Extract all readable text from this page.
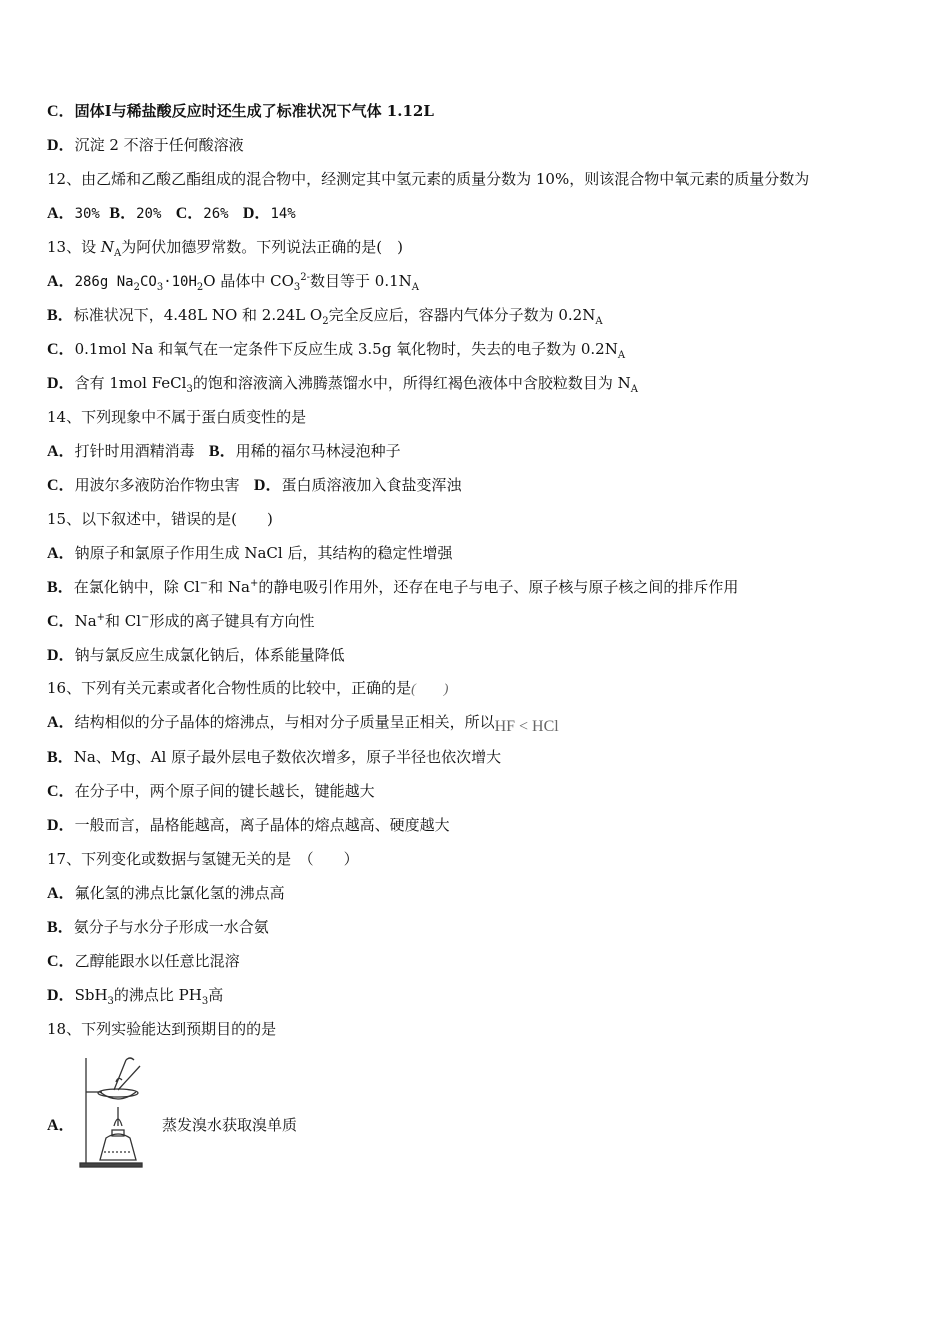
C．固体Ⅰ与稀盐酸反应时还生成了标准状况下气体 1.12L
D．沉淀 2 不溶于任何酸溶液
12、由乙烯和乙酸乙酯组成的混合物中，经测定其中氢元素的质量分数为 10%，则该混合物中氧元素的质量分数为
A．30% B．20% C．26% D．14%
13、设 $N_A$为阿伏加德罗常数。下列说法正确的是(　)
A．286g $Na_2CO_3\cdot 10H_2O$ 晶体中 $CO_3^{2-}$数目等于 $0.1N_A$
B．标准状况下，4.48L NO 和 2.24L $O_2$完全反应后，容器内气体分子数为 $0.2N_A$
C．0.1mol Na 和氧气在一定条件下反应生成 3.5g 氧化物时，失去的电子数为 $0.2N_A$
D．含有 1mol FeCl$_3$的饱和溶液滴入沸腾蒸馏水中，所得红褐色液体中含胶粒数目为 $N_A$
14、下列现象中不属于蛋白质变性的是
A．打针时用酒精消毒 B．用稀的福尔马林浸泡种子
C．用波尔多液防治作物虫害 D．蛋白质溶液加入食盐变浑浊
15、以下叙述中，错误的是(　　)
A．钠原子和氯原子作用生成 NaCl 后，其结构的稳定性增强
B．在氯化钠中，除 Cl−和 Na+的静电吸引作用外，还存在电子与电子、原子核与原子核之间的排斥作用
C．Na+和 Cl−形成的离子键具有方向性
D．钠与氯反应生成氯化钠后，体系能量降低
16、下列有关元素或者化合物性质的比较中，正确的是(　　)
A．结构相似的分子晶体的熔沸点，与相对分子质量呈正相关，所以HF < HCl
B．Na、Mg、Al 原子最外层电子数依次增多，原子半径也依次增大
C．在分子中，两个原子间的键长越长，键能越大
D．一般而言，晶格能越高，离子晶体的熔点越高、硬度越大
17、下列变化或数据与氢键无关的是　（　　）
A．氟化氢的沸点比氯化氢的沸点高
B．氨分子与水分子形成一水合氨
C．乙醇能跟水以任意比混溶
D．SbH$_3$的沸点比 $PH_3$高
18、下列实验能达到预期目的的是
A．	蒸发溴水获取溴单质
